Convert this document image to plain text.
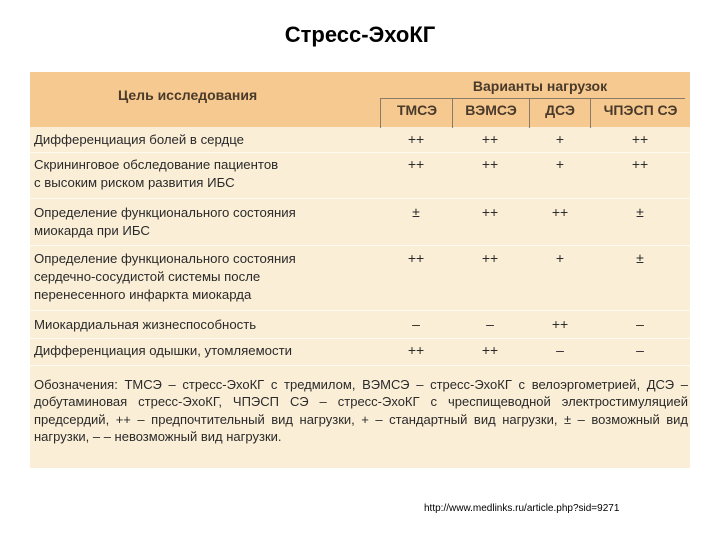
Стресс-ЭхоКГ
Цель исследования
Варианты нагрузок
ТМСЭ	ВЭМСЭ	ДСЭ	ЧПЭСП СЭ
Дифференциация болей в сердце	++	++	+	++
Скрининговое обследование пациентов
с высоким риском развития ИБС
++	++	+	++
Определение функционального состояния
миокарда при ИБС
±	++	++	±
Определение функционального состояния
сердечно-сосудистой системы после
перенесенного инфаркта миокарда
++	++	+	±
Миокардиальная жизнеспособность	–	–	++	–
Дифференциация одышки, утомляемости	++	++	–	–
Обозначения: ТМСЭ – стресс-ЭхоКГ с тредмилом, ВЭМСЭ – стресс-ЭхоКГ с велоэргометрией, ДСЭ – добутаминовая стресс-ЭхоКГ, ЧПЭСП СЭ – стресс-ЭхоКГ с чреспищеводной электростимуляцией предсердий, ++ – предпочтительный вид нагрузки, + – стандартный вид нагрузки, ± – возможный вид нагрузки, – – невозможный вид нагрузки.
http://www.medlinks.ru/article.php?sid=9271
